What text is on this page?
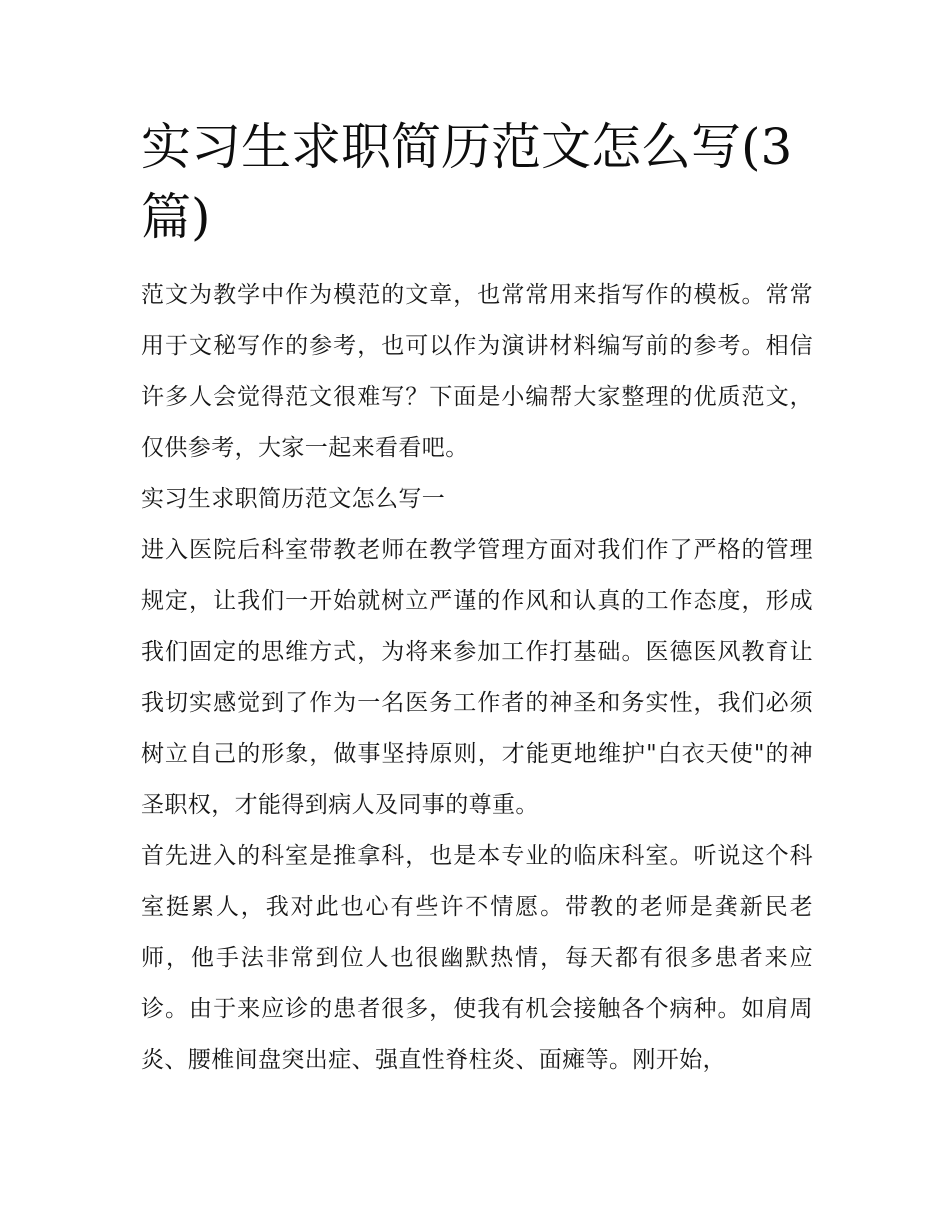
实习生求职简历范文怎么写(3篇)

范文为教学中作为模范的文章，也常常用来指写作的模板。常常用于文秘写作的参考，也可以作为演讲材料编写前的参考。相信许多人会觉得范文很难写？下面是小编帮大家整理的优质范文，仅供参考，大家一起来看看吧。

实习生求职简历范文怎么写一

进入医院后科室带教老师在教学管理方面对我们作了严格的管理规定，让我们一开始就树立严谨的作风和认真的工作态度，形成我们固定的思维方式，为将来参加工作打基础。医德医风教育让我切实感觉到了作为一名医务工作者的神圣和务实性，我们必须树立自己的形象，做事坚持原则，才能更地维护"白衣天使"的神圣职权，才能得到病人及同事的尊重。

首先进入的科室是推拿科，也是本专业的临床科室。听说这个科室挺累人，我对此也心有些许不情愿。带教的老师是龚新民老师，他手法非常到位人也很幽默热情，每天都有很多患者来应诊。由于来应诊的患者很多，使我有机会接触各个病种。如肩周炎、腰椎间盘突出症、强直性脊柱炎、面瘫等。刚开始，
